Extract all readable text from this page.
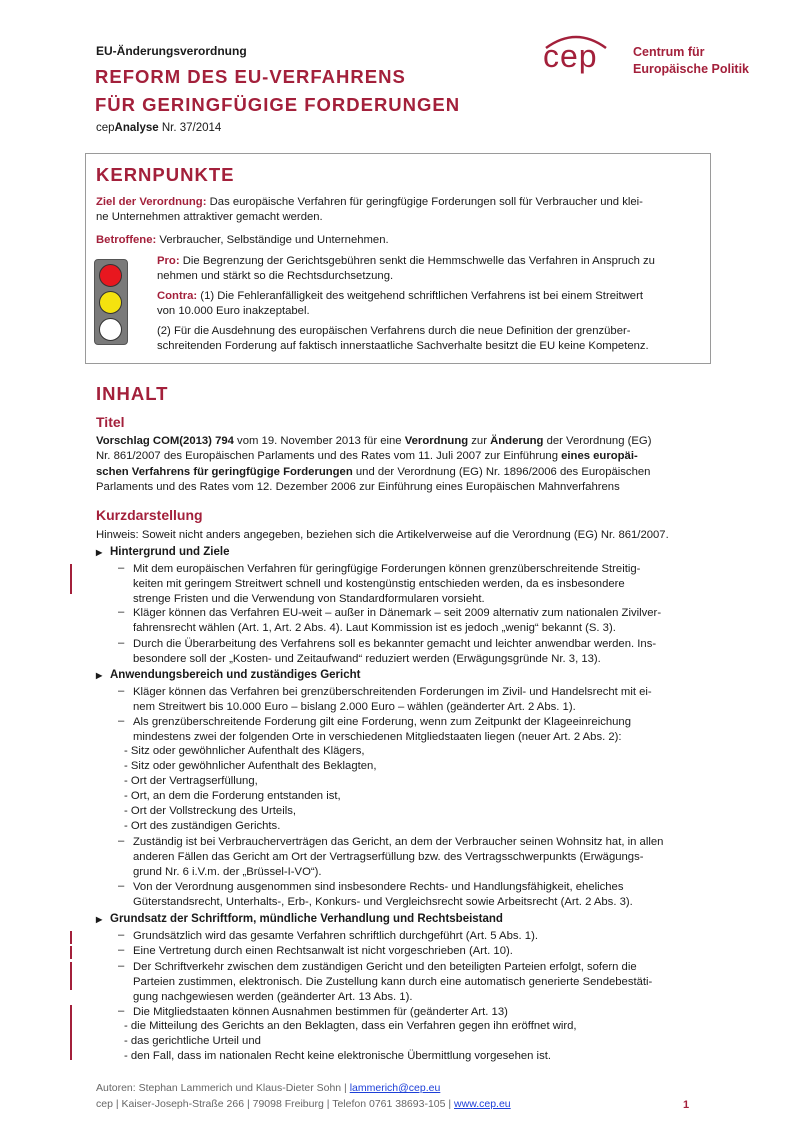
EU-Änderungsverordnung
REFORM DES EU-VERFAHRENS
FÜR GERINGFÜGIGE FORDERUNGEN
cepAnalyse Nr. 37/2014
cep	Centrum für
Europäische Politik
KERNPUNKTE
Ziel der Verordnung: Das europäische Verfahren für geringfügige Forderungen soll für Verbraucher und klei-
ne Unternehmen attraktiver gemacht werden.
Betroffene: Verbraucher, Selbständige und Unternehmen.
Pro: Die Begrenzung der Gerichtsgebühren senkt die Hemmschwelle das Verfahren in Anspruch zu
nehmen und stärkt so die Rechtsdurchsetzung.
Contra: (1) Die Fehleranfälligkeit des weitgehend schriftlichen Verfahrens ist bei einem Streitwert
von 10.000 Euro inakzeptabel.
(2) Für die Ausdehnung des europäischen Verfahrens durch die neue Definition der grenzüber-
schreitenden Forderung auf faktisch innerstaatliche Sachverhalte besitzt die EU keine Kompetenz.
INHALT
Titel
Vorschlag COM(2013) 794 vom 19. November 2013 für eine Verordnung zur Änderung der Verordnung (EG)
Nr. 861/2007 des Europäischen Parlaments und des Rates vom 11. Juli 2007 zur Einführung eines europäi-
schen Verfahrens für geringfügige Forderungen und der Verordnung (EG) Nr. 1896/2006 des Europäischen
Parlaments und des Rates vom 12. Dezember 2006 zur Einführung eines Europäischen Mahnverfahrens
Kurzdarstellung
Hinweis: Soweit nicht anders angegeben, beziehen sich die Artikelverweise auf die Verordnung (EG) Nr. 861/2007.
▶ Hintergrund und Ziele
– Mit dem europäischen Verfahren für geringfügige Forderungen können grenzüberschreitende Streitig-
keiten mit geringem Streitwert schnell und kostengünstig entschieden werden, da es insbesondere
strenge Fristen und die Verwendung von Standardformularen vorsieht.
– Kläger können das Verfahren EU-weit – außer in Dänemark – seit 2009 alternativ zum nationalen Zivilver-
fahrensrecht wählen (Art. 1, Art. 2 Abs. 4). Laut Kommission ist es jedoch „wenig“ bekannt (S. 3).
– Durch die Überarbeitung des Verfahrens soll es bekannter gemacht und leichter anwendbar werden. Ins-
besondere soll der „Kosten- und Zeitaufwand“ reduziert werden (Erwägungsgründe Nr. 3, 13).
▶ Anwendungsbereich und zuständiges Gericht
– Kläger können das Verfahren bei grenzüberschreitenden Forderungen im Zivil- und Handelsrecht mit ei-
nem Streitwert bis 10.000 Euro – bislang 2.000 Euro – wählen (geänderter Art. 2 Abs. 1).
– Als grenzüberschreitende Forderung gilt eine Forderung, wenn zum Zeitpunkt der Klageeinreichung
mindestens zwei der folgenden Orte in verschiedenen Mitgliedstaaten liegen (neuer Art. 2 Abs. 2):
- Sitz oder gewöhnlicher Aufenthalt des Klägers,
- Sitz oder gewöhnlicher Aufenthalt des Beklagten,
- Ort der Vertragserfüllung,
- Ort, an dem die Forderung entstanden ist,
- Ort der Vollstreckung des Urteils,
- Ort des zuständigen Gerichts.
– Zuständig ist bei Verbraucherverträgen das Gericht, an dem der Verbraucher seinen Wohnsitz hat, in allen
anderen Fällen das Gericht am Ort der Vertragserfüllung bzw. des Vertragsschwerpunkts (Erwägungs-
grund Nr. 6 i.V.m. der „Brüssel-I-VO“).
– Von der Verordnung ausgenommen sind insbesondere Rechts- und Handlungsfähigkeit, eheliches
Güterstandsrecht, Unterhalts-, Erb-, Konkurs- und Vergleichsrecht sowie Arbeitsrecht (Art. 2 Abs. 3).
▶ Grundsatz der Schriftform, mündliche Verhandlung und Rechtsbeistand
– Grundsätzlich wird das gesamte Verfahren schriftlich durchgeführt (Art. 5 Abs. 1).
– Eine Vertretung durch einen Rechtsanwalt ist nicht vorgeschrieben (Art. 10).
– Der Schriftverkehr zwischen dem zuständigen Gericht und den beteiligten Parteien erfolgt, sofern die
Parteien zustimmen, elektronisch. Die Zustellung kann durch eine automatisch generierte Sendebestäti-
gung nachgewiesen werden (geänderter Art. 13 Abs. 1).
– Die Mitgliedstaaten können Ausnahmen bestimmen für (geänderter Art. 13)
- die Mitteilung des Gerichts an den Beklagten, dass ein Verfahren gegen ihn eröffnet wird,
- das gerichtliche Urteil und
- den Fall, dass im nationalen Recht keine elektronische Übermittlung vorgesehen ist.
Autoren: Stephan Lammerich und Klaus-Dieter Sohn | lammerich@cep.eu
cep | Kaiser-Joseph-Straße 266 | 79098 Freiburg | Telefon 0761 38693-105 | www.cep.eu	1
